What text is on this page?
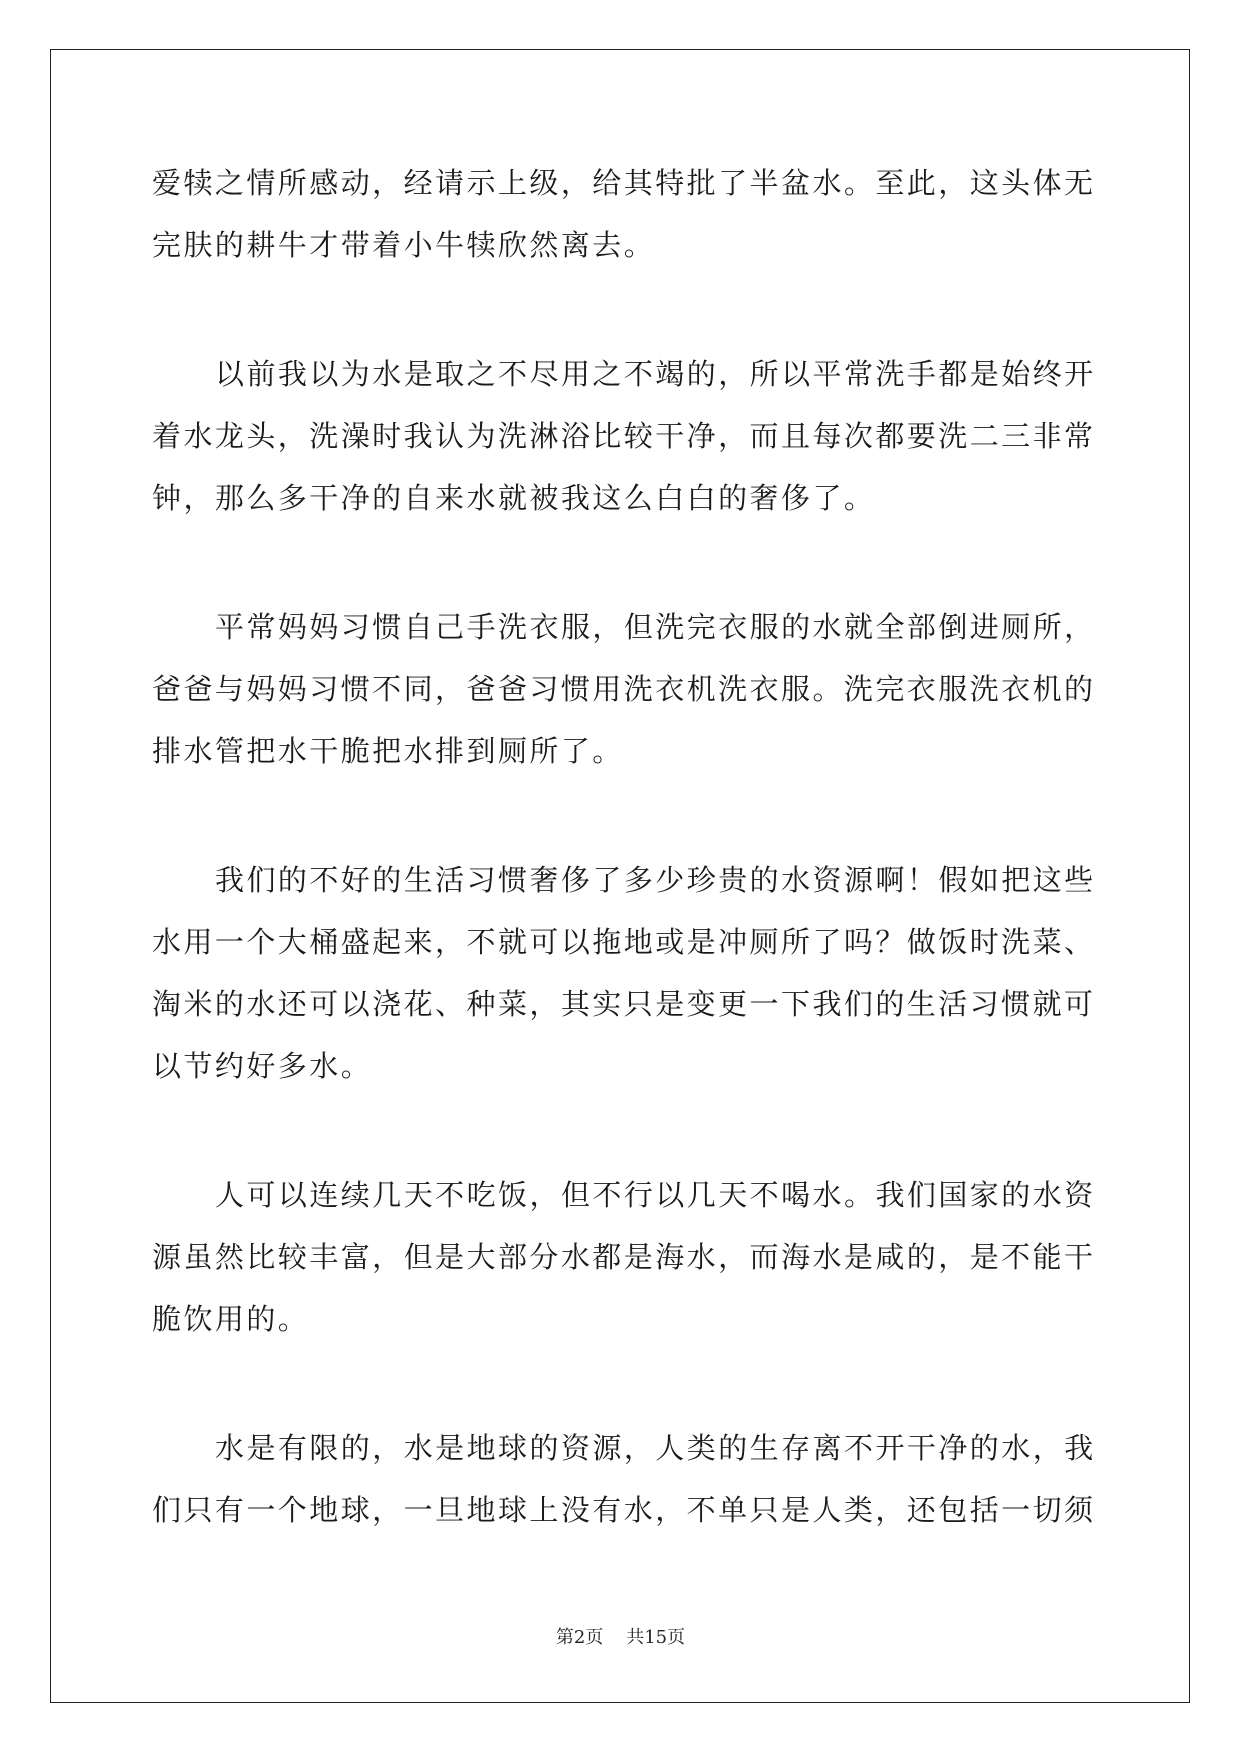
爱犊之情所感动，经请示上级，给其特批了半盆水。至此，这头体无

完肤的耕牛才带着小牛犊欣然离去。

以前我以为水是取之不尽用之不竭的，所以平常洗手都是始终开

着水龙头，洗澡时我认为洗淋浴比较干净，而且每次都要洗二三非常

钟，那么多干净的自来水就被我这么白白的奢侈了。

平常妈妈习惯自己手洗衣服，但洗完衣服的水就全部倒进厕所，

爸爸与妈妈习惯不同，爸爸习惯用洗衣机洗衣服。洗完衣服洗衣机的

排水管把水干脆把水排到厕所了。

我们的不好的生活习惯奢侈了多少珍贵的水资源啊！假如把这些

水用一个大桶盛起来，不就可以拖地或是冲厕所了吗？做饭时洗菜、

淘米的水还可以浇花、种菜，其实只是变更一下我们的生活习惯就可

以节约好多水。

人可以连续几天不吃饭，但不行以几天不喝水。我们国家的水资

源虽然比较丰富，但是大部分水都是海水，而海水是咸的，是不能干

脆饮用的。

水是有限的，水是地球的资源，人类的生存离不开干净的水，我

们只有一个地球，一旦地球上没有水，不单只是人类，还包括一切须

第2页 共15页
